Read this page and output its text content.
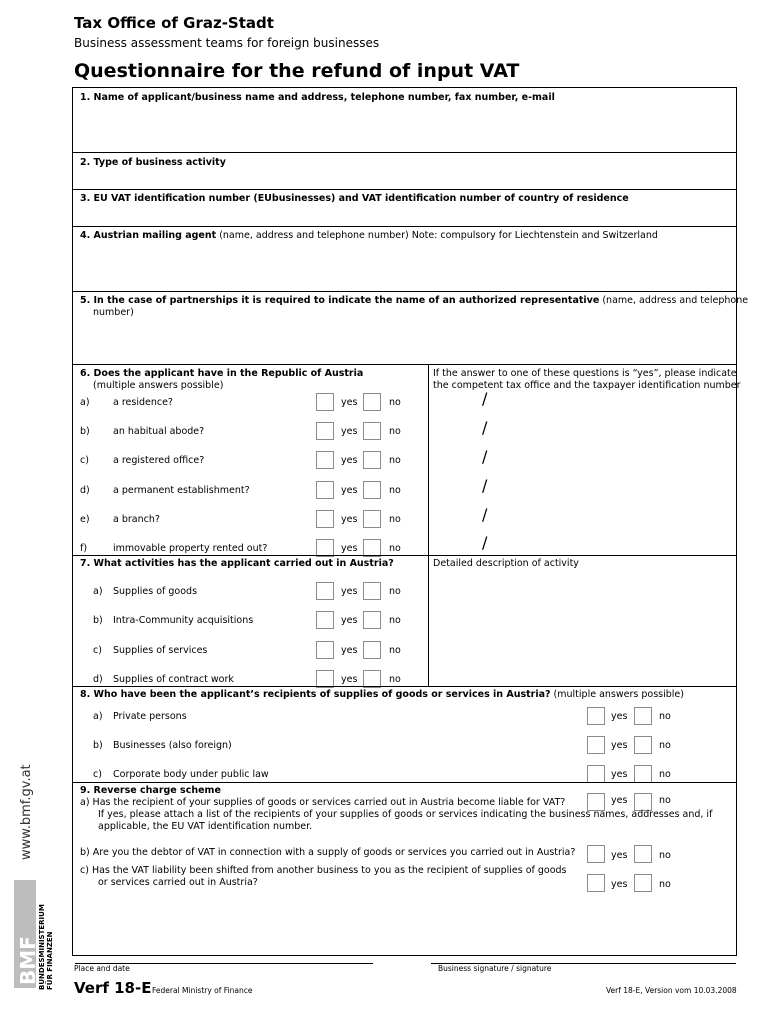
Tax Office of Graz-Stadt
Business assessment teams for foreign businesses
Questionnaire for the refund of input VAT
1. Name of applicant/business name and address, telephone number, fax number, e-mail
2. Type of business activity
3. EU VAT identification number (EUbusinesses) and VAT identification number of country of residence
4. Austrian mailing agent (name, address and telephone number) Note: compulsory for Liechtenstein and Switzerland
5. In the case of partnerships it is required to indicate the name of an authorized representative (name, address and telephone
number)
6. Does the applicant have in the Republic of Austria
(multiple answers possible)
If the answer to one of these questions is “yes”, please indicate
the competent tax office and the taxpayer identification number
a) a residence?	yes	no	/
b) an habitual abode?	yes	no	/
c)	a registered office?	yes	no	/
d) a permanent establishment?	yes	no	/
e) a branch?	yes	no	/
f)	immovable property rented out?	yes	no	/
7. What activities has the applicant carried out in Austria?	Detailed description of activity
a) Supplies of goods	yes	no
b) Intra-Community acquisitions	yes	no
c) Supplies of services	yes	no
d) Supplies of contract work	yes	no
8. Who have been the applicant’s recipients of supplies of goods or services in Austria? (multiple answers possible)
a) Private persons	yes	no
b) Businesses (also foreign)	yes	no
c) Corporate body under public law	yes	no
9. Reverse charge scheme
a) Has the recipient of your supplies of goods or services carried out in Austria become liable for VAT?	yes	no
If yes, please attach a list of the recipients of your supplies of goods or services indicating the business names, addresses and, if
applicable, the EU VAT identification number.
b) Are you the debtor of VAT in connection with a supply of goods or services you carried out in Austria?	yes	no
c) Has the VAT liability been shifted from another business to you as the recipient of supplies of goods
or services carried out in Austria?	yes	no
Place and date	Business signature / signature
Verf 18-E Federal Ministry of Finance	Verf 18-E, Version vom 10.03.2008
www.bmf.gv.at
BMF
BUNDESMINISTERIUM FÜR FINANZEN
